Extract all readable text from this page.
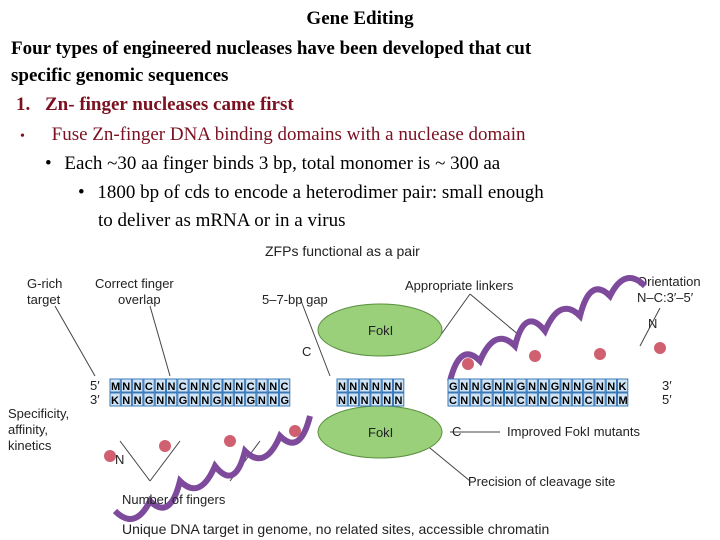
Gene Editing
Four types of engineered nucleases have been developed that cut
specific genomic sequences
1. Zn- finger nucleases came first
• Fuse Zn-finger DNA binding domains with a nuclease domain
• Each ~30 aa finger binds 3 bp, total monomer is ~ 300 aa
• 1800 bp of cds to encode a heterodimer pair: small enough
to deliver as mRNA or in a virus
ZFPs functional as a pair
G-rich
target
Correct finger
overlap	5–7-bp gap
Appropriate linkers	Orientation
N–C:3′–5′
N
N
FokI
FokI
C
C
5′
3′
3′
5′
M N N C N N C N N C N N C N N C
K N N G N N G N N G N N G N N G
N N N N N N
N N N N N N
G N N G N N G N N G N N G N N K
C N N C N N C N N C N N C N N M
Specificity,
affinity,
kinetics
Improved FokI mutants
Precision of cleavage site
Number of fingers
Unique DNA target in genome, no related sites, accessible chromatin
